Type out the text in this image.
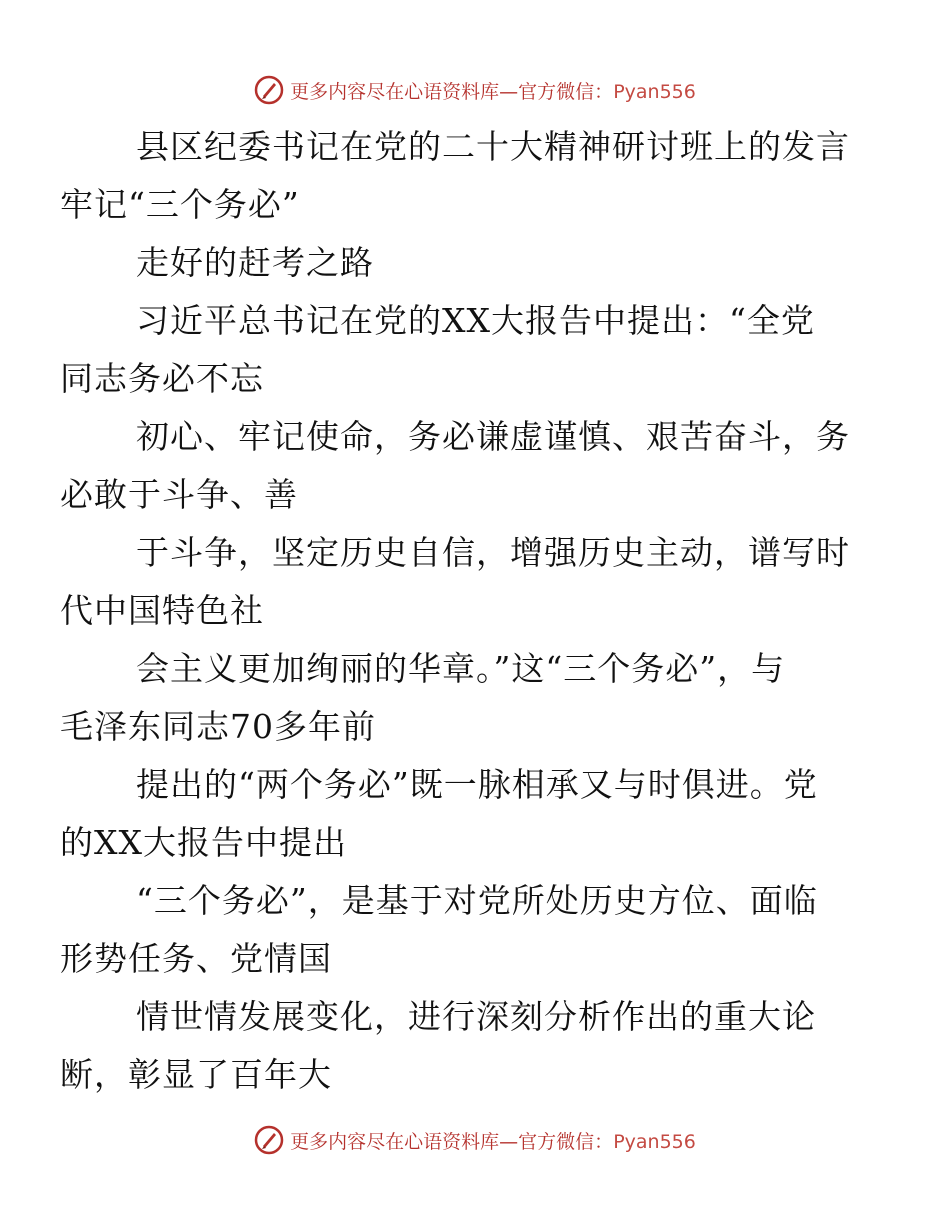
更多内容尽在心语资料库—官方微信：Pyan556

县区纪委书记在党的二十大精神研讨班上的发言
牢记“三个务必”

走好的赶考之路

习近平总书记在党的XX大报告中提出：“全党
同志务必不忘

初心、牢记使命，务必谦虚谨慎、艰苦奋斗，务
必敢于斗争、善

于斗争，坚定历史自信，增强历史主动，谱写时
代中国特色社

会主义更加绚丽的华章。”这“三个务必”，与
毛泽东同志70多年前

提出的“两个务必”既一脉相承又与时俱进。党
的XX大报告中提出

“三个务必”，是基于对党所处历史方位、面临
形势任务、党情国

情世情发展变化，进行深刻分析作出的重大论
断，彰显了百年大

更多内容尽在心语资料库—官方微信：Pyan556
